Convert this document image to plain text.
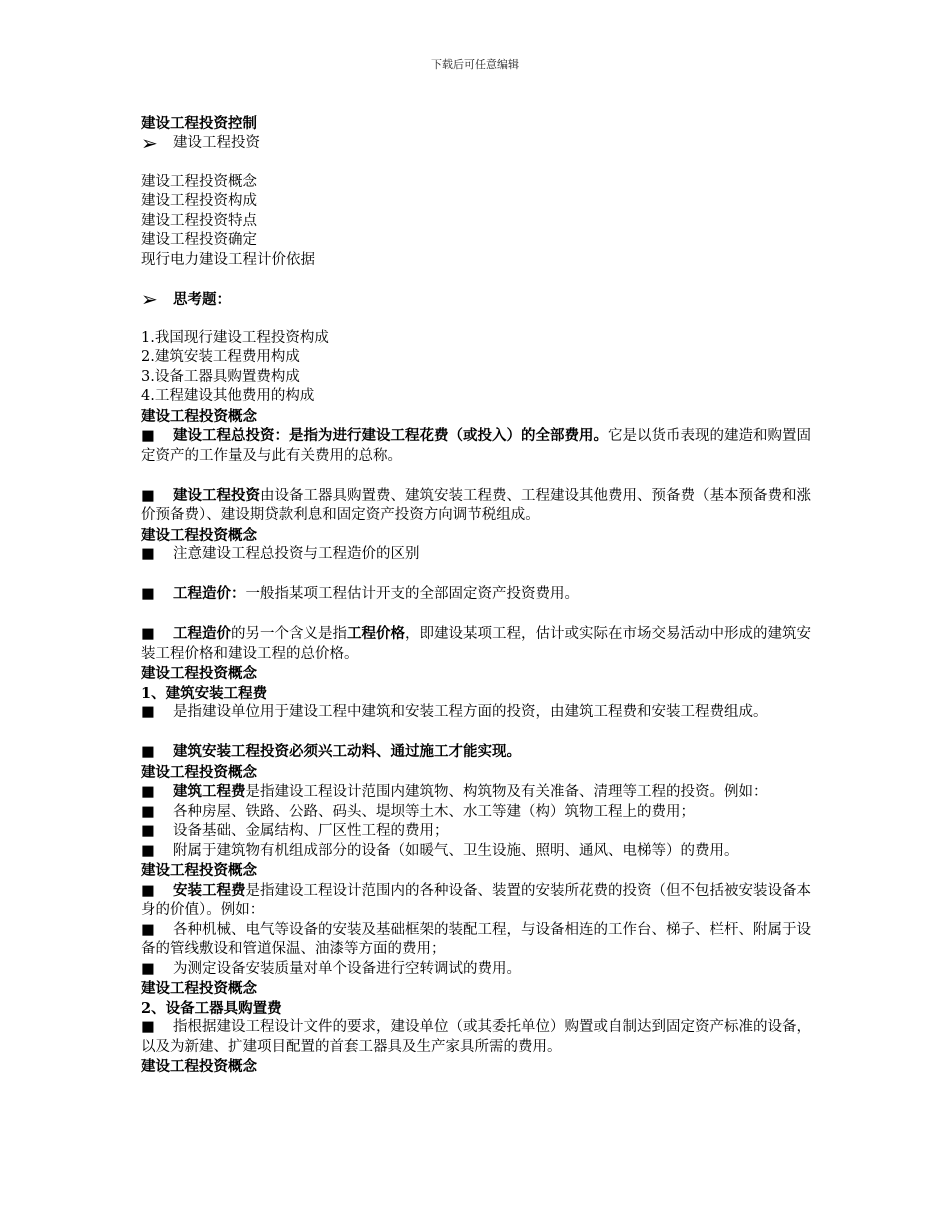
下载后可任意编辑

建设工程投资控制

➢	建设工程投资

建设工程投资概念

建设工程投资构成

建设工程投资特点

建设工程投资确定

现行电力建设工程计价依据

➢	思考题：

1.我国现行建设工程投资构成

2.建筑安装工程费用构成

3.设备工器具购置费构成

4.工程建设其他费用的构成

建设工程投资概念

■ 建设工程总投资：是指为进行建设工程花费（或投入）的全部费用。它是以货币表现的建造和购置固定资产的工作量及与此有关费用的总称。

■ 建设工程投资由设备工器具购置费、建筑安装工程费、工程建设其他费用、预备费（基本预备费和涨价预备费）、建设期贷款利息和固定资产投资方向调节税组成。

建设工程投资概念

■ 注意建设工程总投资与工程造价的区别

■ 工程造价：一般指某项工程估计开支的全部固定资产投资费用。

■ 工程造价的另一个含义是指工程价格，即建设某项工程，估计或实际在市场交易活动中形成的建筑安装工程价格和建设工程的总价格。

建设工程投资概念

1、建筑安装工程费

■ 是指建设单位用于建设工程中建筑和安装工程方面的投资，由建筑工程费和安装工程费组成。

■ 建筑安装工程投资必须兴工动料、通过施工才能实现。

建设工程投资概念

■ 建筑工程费是指建设工程设计范围内建筑物、构筑物及有关准备、清理等工程的投资。例如：

■ 各种房屋、铁路、公路、码头、堤坝等土木、水工等建（构）筑物工程上的费用；

■ 设备基础、金属结构、厂区性工程的费用；

■ 附属于建筑物有机组成部分的设备（如暖气、卫生设施、照明、通风、电梯等）的费用。

建设工程投资概念

■ 安装工程费是指建设工程设计范围内的各种设备、装置的安装所花费的投资（但不包括被安装设备本身的价值）。例如：

■ 各种机械、电气等设备的安装及基础框架的装配工程，与设备相连的工作台、梯子、栏杆、附属于设备的管线敷设和管道保温、油漆等方面的费用；

■ 为测定设备安装质量对单个设备进行空转调试的费用。

建设工程投资概念

2、设备工器具购置费

■ 指根据建设工程设计文件的要求，建设单位（或其委托单位）购置或自制达到固定资产标准的设备，以及为新建、扩建项目配置的首套工器具及生产家具所需的费用。

建设工程投资概念
